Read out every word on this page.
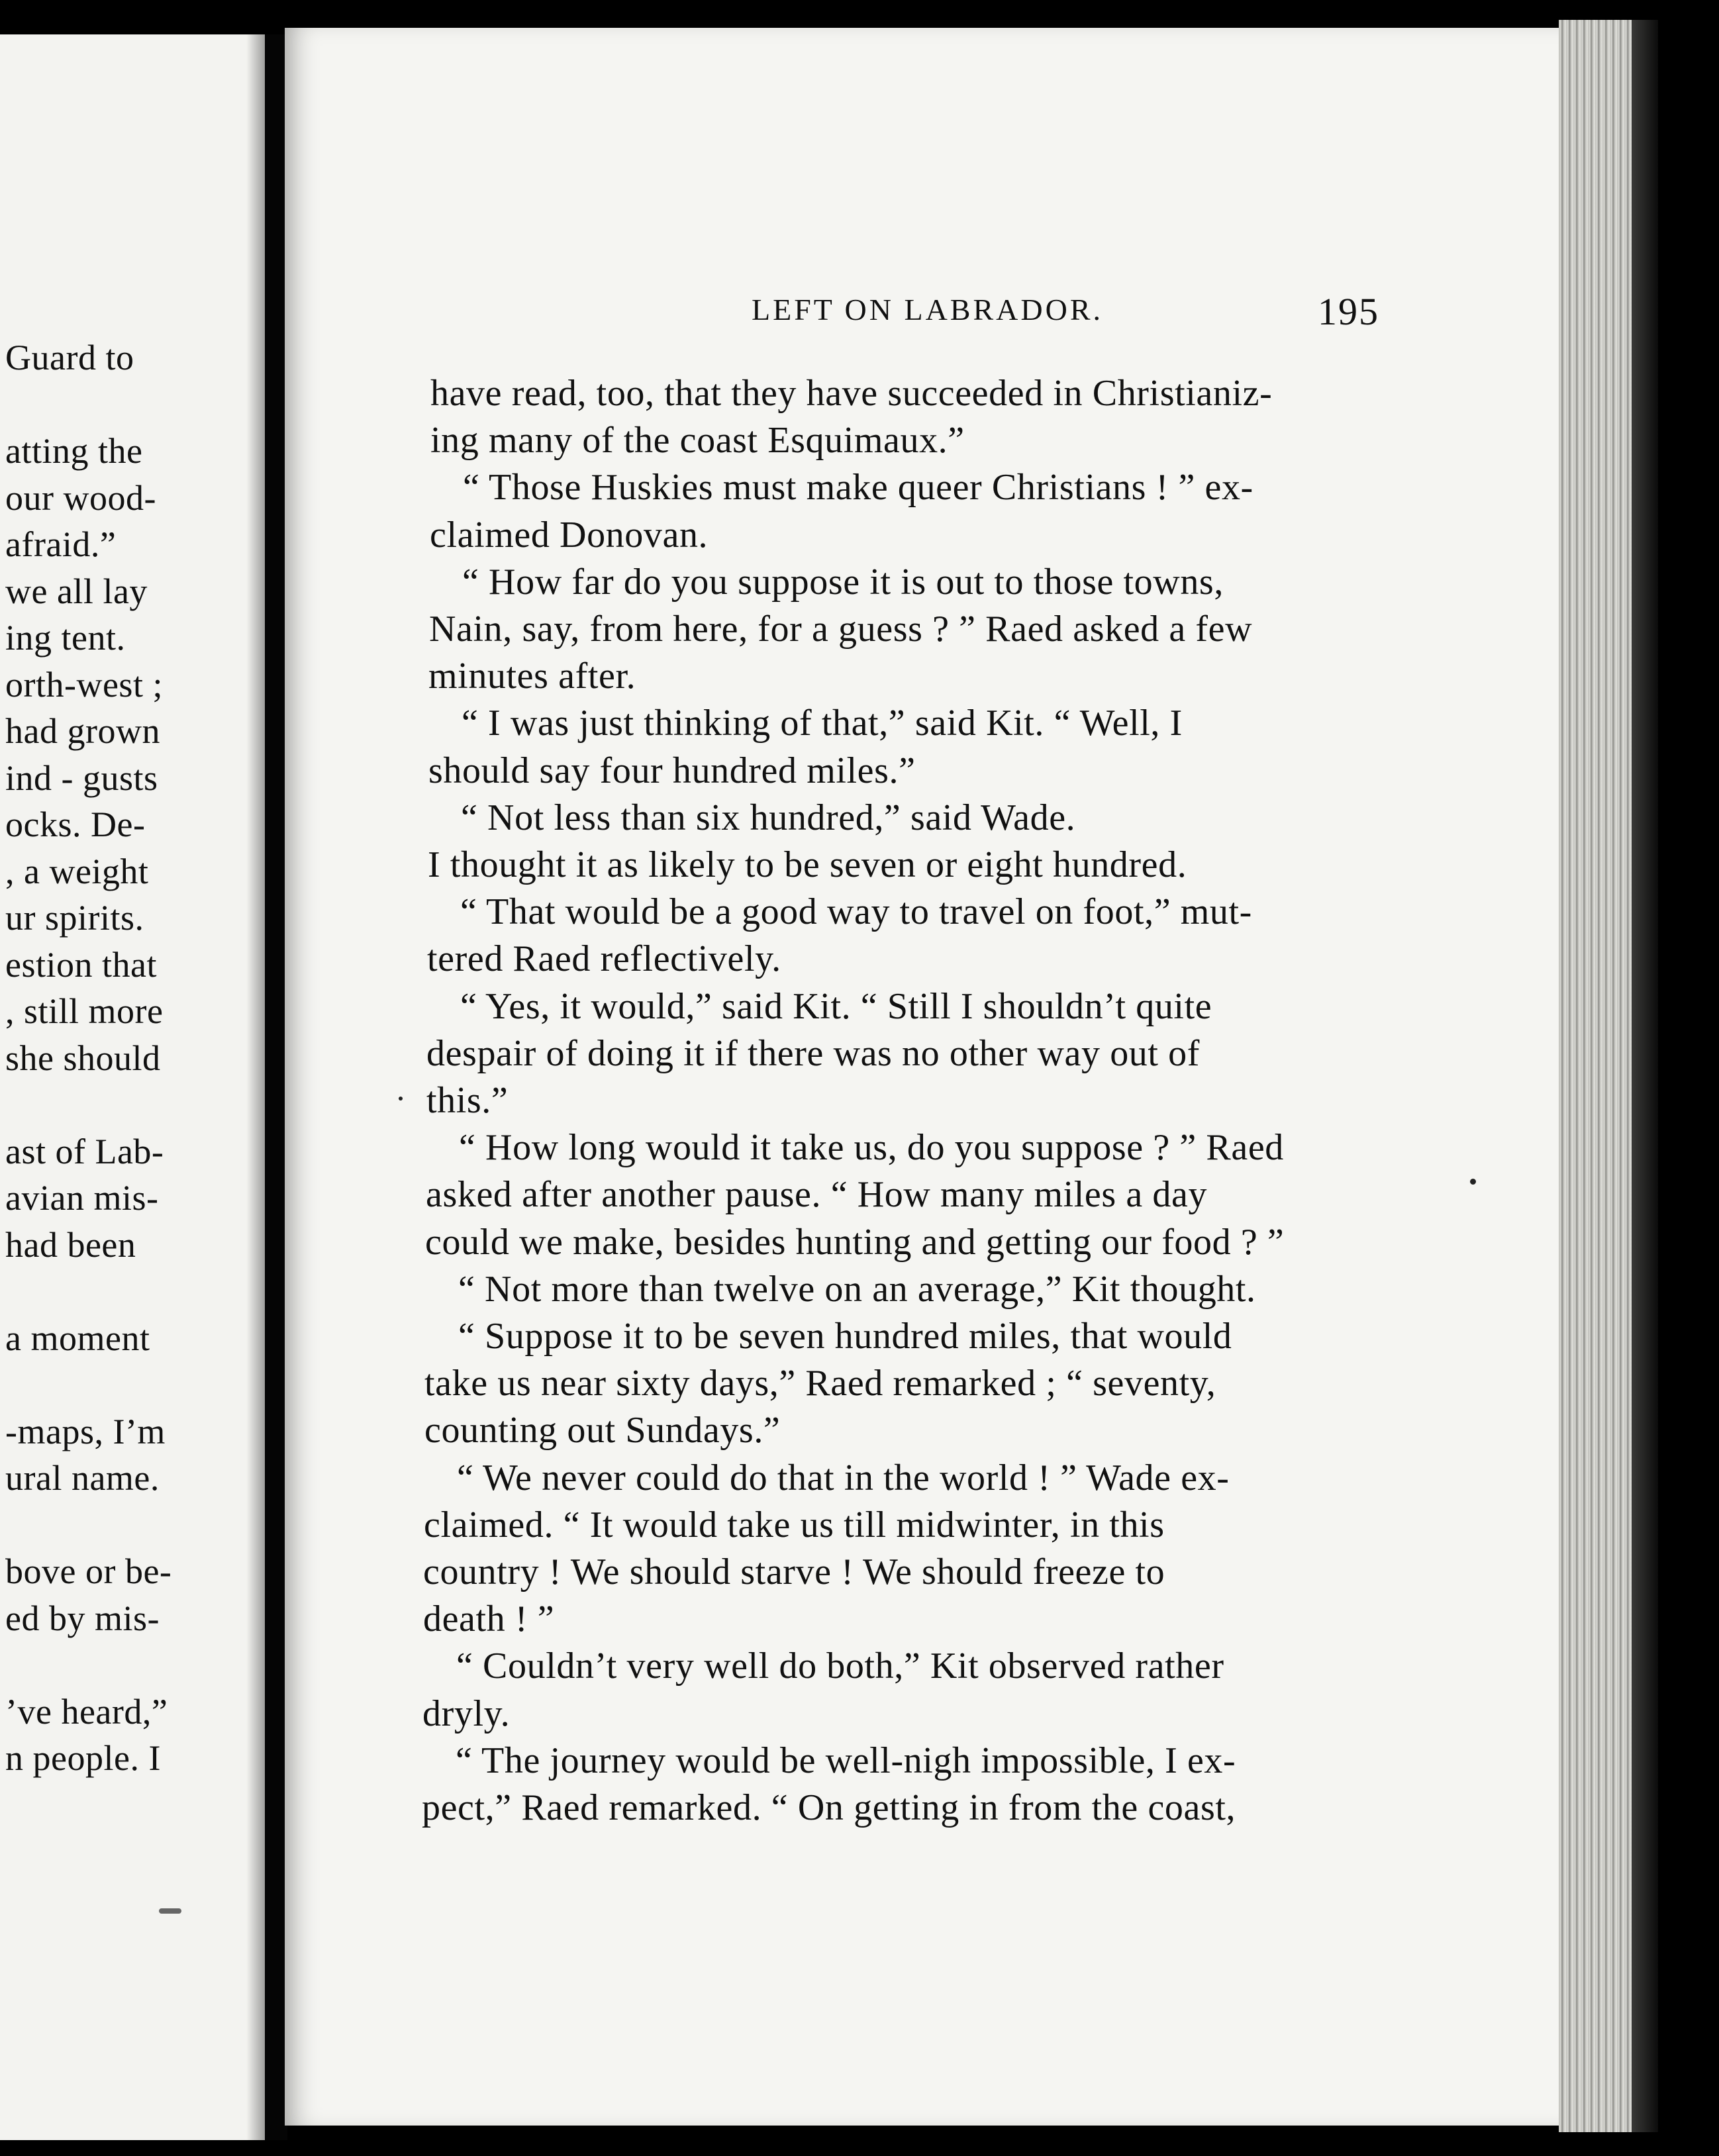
Guard to
atting the
our wood-
afraid.”
we all lay
ing tent.
orth-west ;
had grown
ind - gusts
ocks. De-
, a weight
ur spirits.
estion that
, still more
she should
ast of Lab-
avian mis-
had been
a moment
-maps, I’m
ural name.
bove or be-
ed by mis-
’ve heard,”
n people. I
LEFT ON LABRADOR.	195
have read, too, that they have succeeded in Christianiz-
ing many of the coast Esquimaux.”
“ Those Huskies must make queer Christians ! ” ex-
claimed Donovan.
“ How far do you suppose it is out to those towns,
Nain, say, from here, for a guess ? ” Raed asked a few
minutes after.
“ I was just thinking of that,” said Kit. “ Well, I
should say four hundred miles.”
“ Not less than six hundred,” said Wade.
I thought it as likely to be seven or eight hundred.
“ That would be a good way to travel on foot,” mut-
tered Raed reflectively.
“ Yes, it would,” said Kit. “ Still I shouldn’t quite
despair of doing it if there was no other way out of
this.”
“ How long would it take us, do you suppose ? ” Raed
asked after another pause. “ How many miles a day
could we make, besides hunting and getting our food ? ”
“ Not more than twelve on an average,” Kit thought.
“ Suppose it to be seven hundred miles, that would
take us near sixty days,” Raed remarked ; “ seventy,
counting out Sundays.”
“ We never could do that in the world ! ” Wade ex-
claimed. “ It would take us till midwinter, in this
country ! We should starve ! We should freeze to
death ! ”
“ Couldn’t very well do both,” Kit observed rather
dryly.
“ The journey would be well-nigh impossible, I ex-
pect,” Raed remarked. “ On getting in from the coast,
